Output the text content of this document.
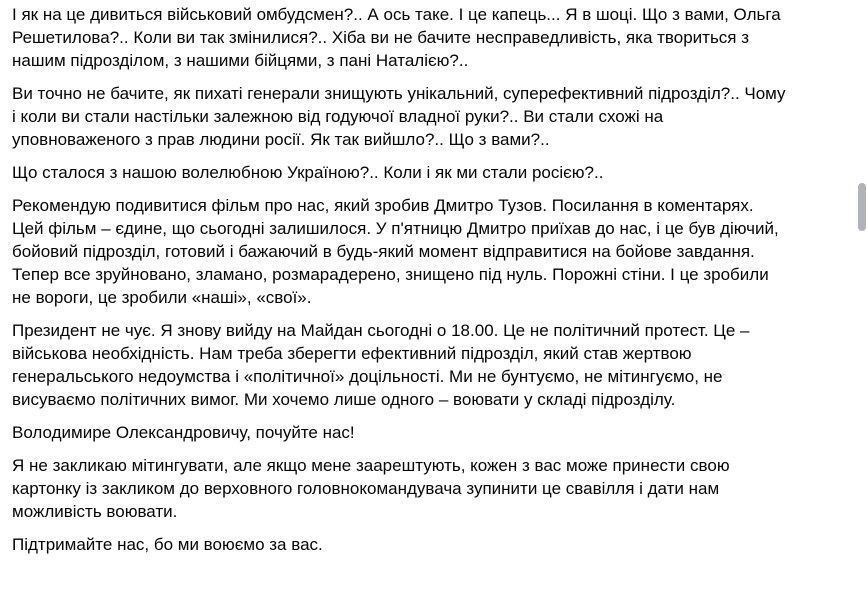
І як на це дивиться військовий омбудсмен?.. А ось таке. І це капець... Я в шоці. Що з вами, Ольга
Решетилова?.. Коли ви так змінилися?.. Хіба ви не бачите несправедливість, яка твориться з
нашим підрозділом, з нашими бійцями, з пані Наталією?..

Ви точно не бачите, як пихаті генерали знищують унікальний, суперефективний підрозділ?.. Чому
і коли ви стали настільки залежною від годуючої владної руки?.. Ви стали схожі на
уповноваженого з прав людини росії. Як так вийшло?.. Що з вами?..

Що сталося з нашою волелюбною Україною?.. Коли і як ми стали росією?..

Рекомендую подивитися фільм про нас, який зробив Дмитро Тузов. Посилання в коментарях.
Цей фільм – єдине, що сьогодні залишилося. У п'ятницю Дмитро приїхав до нас, і це був діючий,
бойовий підрозділ, готовий і бажаючий в будь-який момент відправитися на бойове завдання.
Тепер все зруйновано, зламано, розмарадерено, знищено під нуль. Порожні стіни. І це зробили
не вороги, це зробили «наші», «свої».

Президент не чує. Я знову вийду на Майдан сьогодні о 18.00. Це не політичний протест. Це –
військова необхідність. Нам треба зберегти ефективний підрозділ, який став жертвою
генеральського недоумства і «політичної» доцільності. Ми не бунтуємо, не мітингуємо, не
висуваємо політичних вимог. Ми хочемо лише одного – воювати у складі підрозділу.

Володимире Олександровичу, почуйте нас!

Я не закликаю мітингувати, але якщо мене заарештують, кожен з вас може принести свою
картонку із закликом до верховного головнокомандувача зупинити це свавілля і дати нам
можливість воювати.

Підтримайте нас, бо ми воюємо за вас.
